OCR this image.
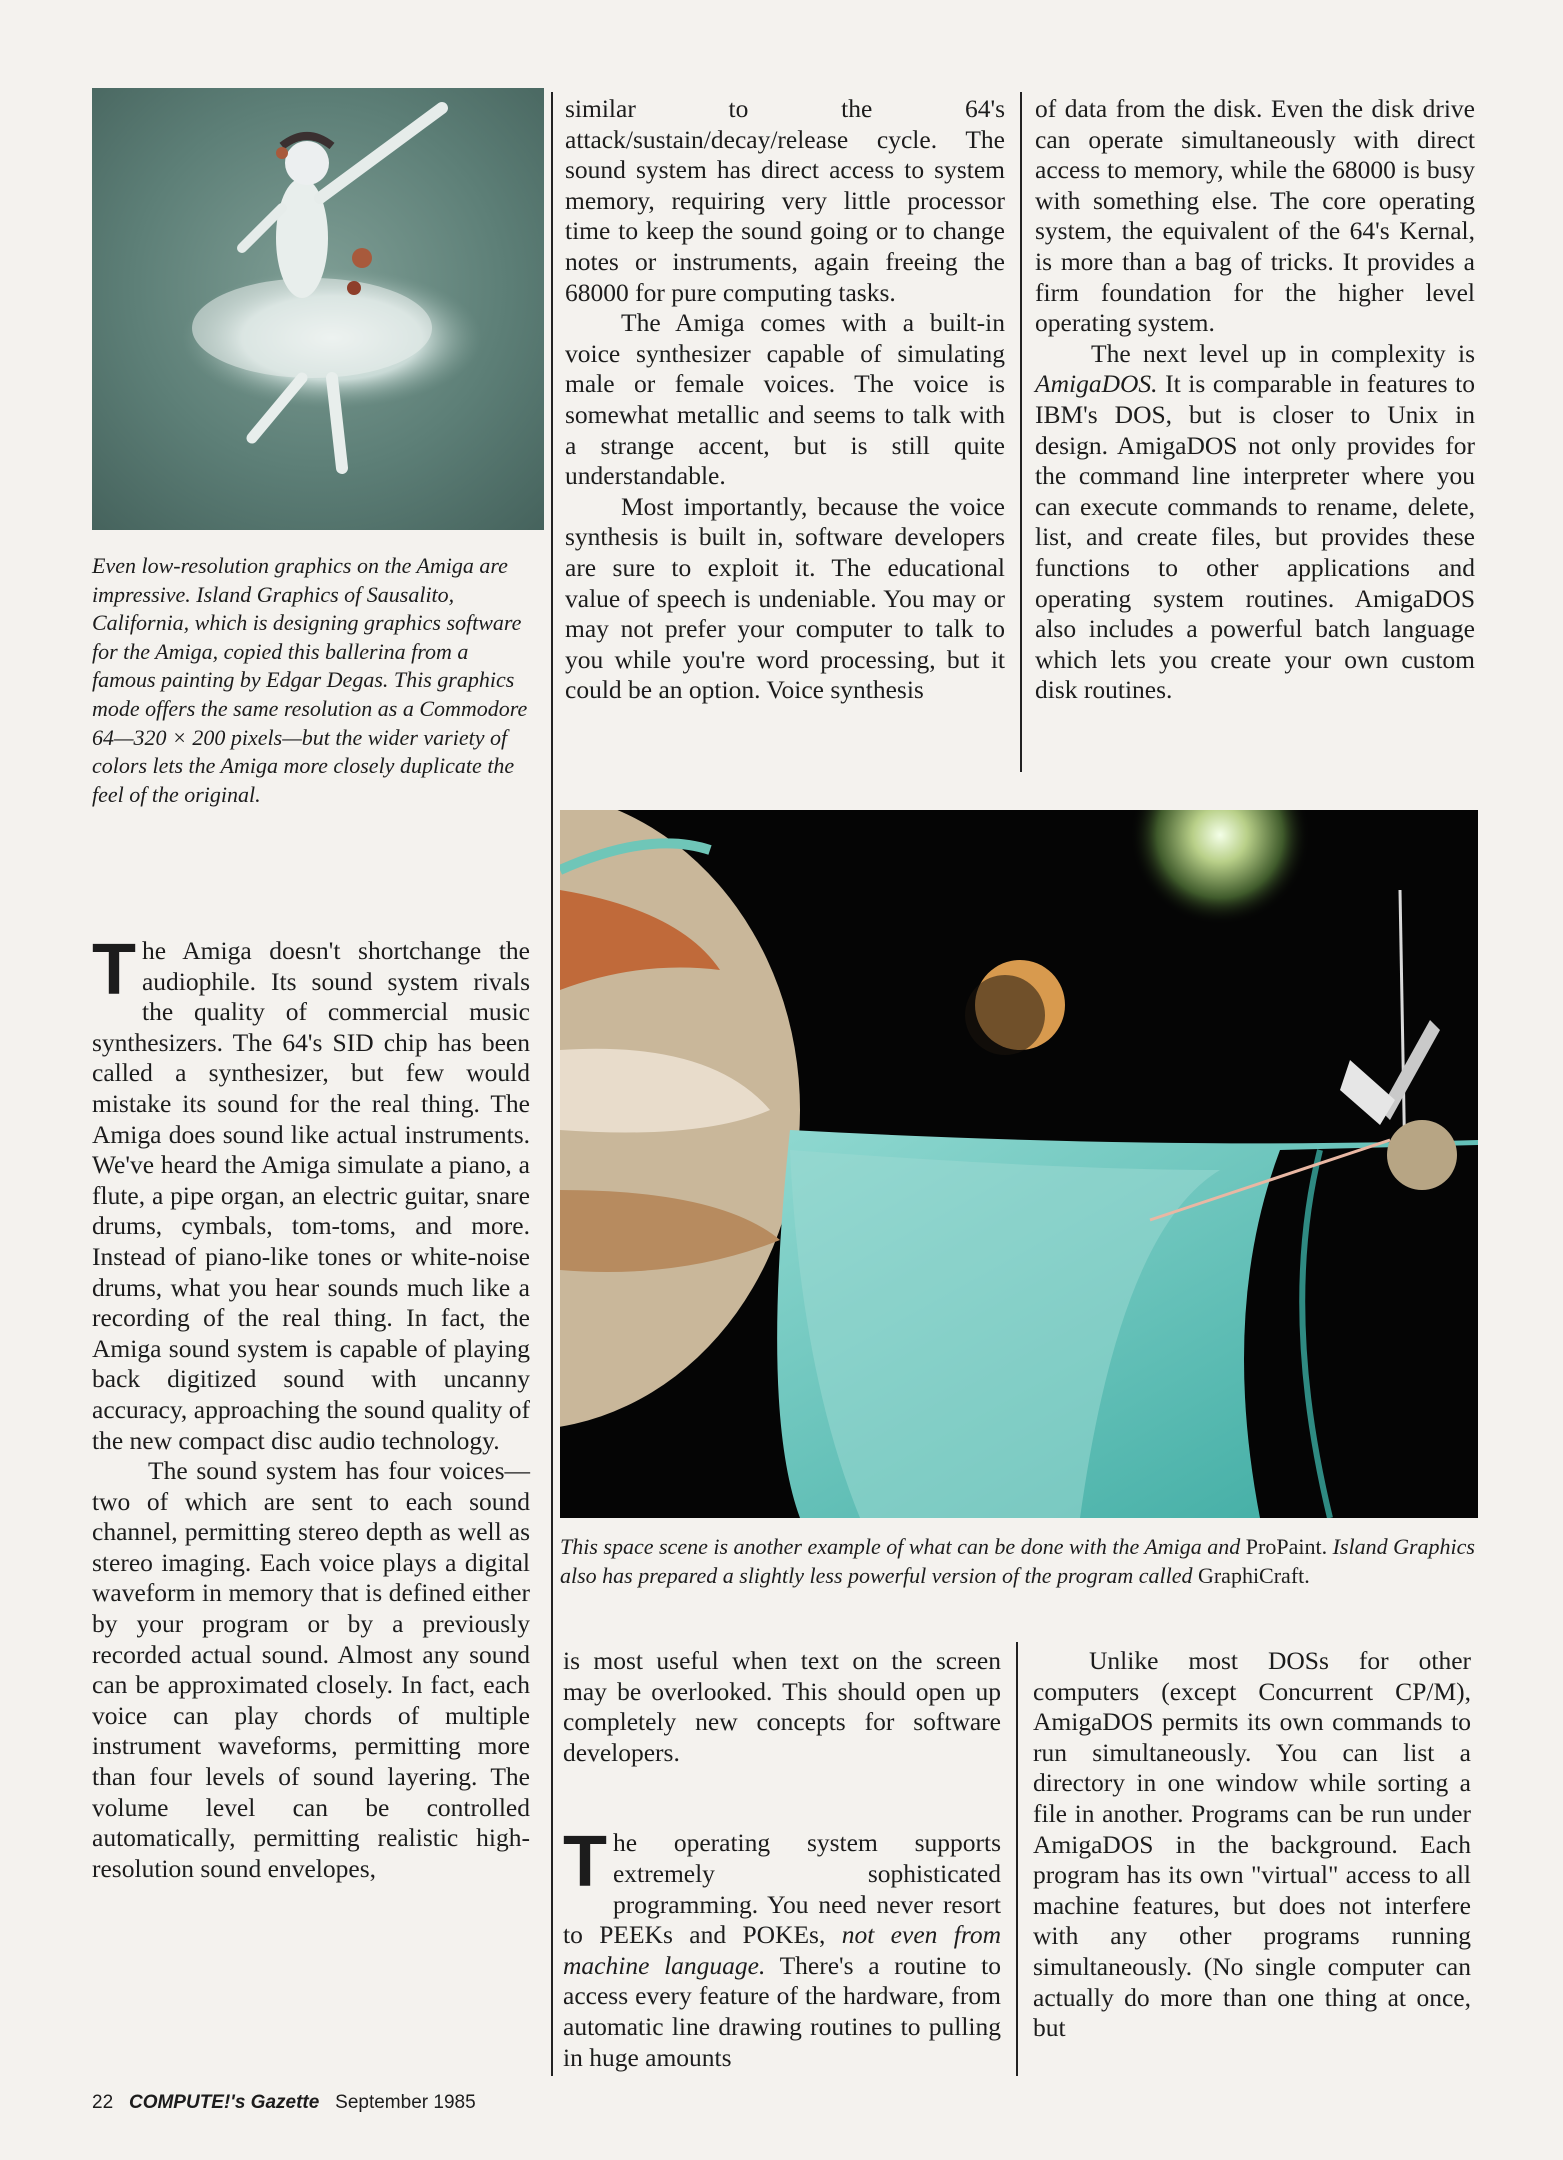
Even low-resolution graphics on the Amiga are impressive. Island Graphics of Sausalito, California, which is designing graphics software for the Amiga, copied this ballerina from a famous painting by Edgar Degas. This graphics mode offers the same resolution as a Commodore 64—320 × 200 pixels—but the wider variety of colors lets the Amiga more closely duplicate the feel of the original.

The Amiga doesn't shortchange the audiophile. Its sound system rivals the quality of commercial music synthesizers. The 64's SID chip has been called a synthesizer, but few would mistake its sound for the real thing. The Amiga does sound like actual instruments. We've heard the Amiga simulate a piano, a flute, a pipe organ, an electric guitar, snare drums, cymbals, tom-toms, and more. Instead of piano-like tones or white-noise drums, what you hear sounds much like a recording of the real thing. In fact, the Amiga sound system is capable of playing back digitized sound with uncanny accuracy, approaching the sound quality of the new compact disc audio technology.

The sound system has four voices—two of which are sent to each sound channel, permitting stereo depth as well as stereo imaging. Each voice plays a digital waveform in memory that is defined either by your program or by a previously recorded actual sound. Almost any sound can be approximated closely. In fact, each voice can play chords of multiple instrument waveforms, permitting more than four levels of sound layering. The volume level can be controlled automatically, permitting realistic high-resolution sound envelopes,

similar to the 64's attack/sustain/decay/release cycle. The sound system has direct access to system memory, requiring very little processor time to keep the sound going or to change notes or instruments, again freeing the 68000 for pure computing tasks.

The Amiga comes with a built-in voice synthesizer capable of simulating male or female voices. The voice is somewhat metallic and seems to talk with a strange accent, but is still quite understandable.

Most importantly, because the voice synthesis is built in, software developers are sure to exploit it. The educational value of speech is undeniable. You may or may not prefer your computer to talk to you while you're word processing, but it could be an option. Voice synthesis

of data from the disk. Even the disk drive can operate simultaneously with direct access to memory, while the 68000 is busy with something else. The core operating system, the equivalent of the 64's Kernal, is more than a bag of tricks. It provides a firm foundation for the higher level operating system.

The next level up in complexity is AmigaDOS. It is comparable in features to IBM's DOS, but is closer to Unix in design. AmigaDOS not only provides for the command line interpreter where you can execute commands to rename, delete, list, and create files, but provides these functions to other applications and operating system routines. AmigaDOS also includes a powerful batch language which lets you create your own custom disk routines.

This space scene is another example of what can be done with the Amiga and ProPaint. Island Graphics also has prepared a slightly less powerful version of the program called GraphiCraft.

is most useful when text on the screen may be overlooked. This should open up completely new concepts for software developers.

The operating system supports extremely sophisticated programming. You need never resort to PEEKs and POKEs, not even from machine language. There's a routine to access every feature of the hardware, from automatic line drawing routines to pulling in huge amounts

Unlike most DOSs for other computers (except Concurrent CP/M), AmigaDOS permits its own commands to run simultaneously. You can list a directory in one window while sorting a file in another. Programs can be run under AmigaDOS in the background. Each program has its own "virtual" access to all machine features, but does not interfere with any other programs running simultaneously. (No single computer can actually do more than one thing at once, but

22 COMPUTE!'s Gazette September 1985
